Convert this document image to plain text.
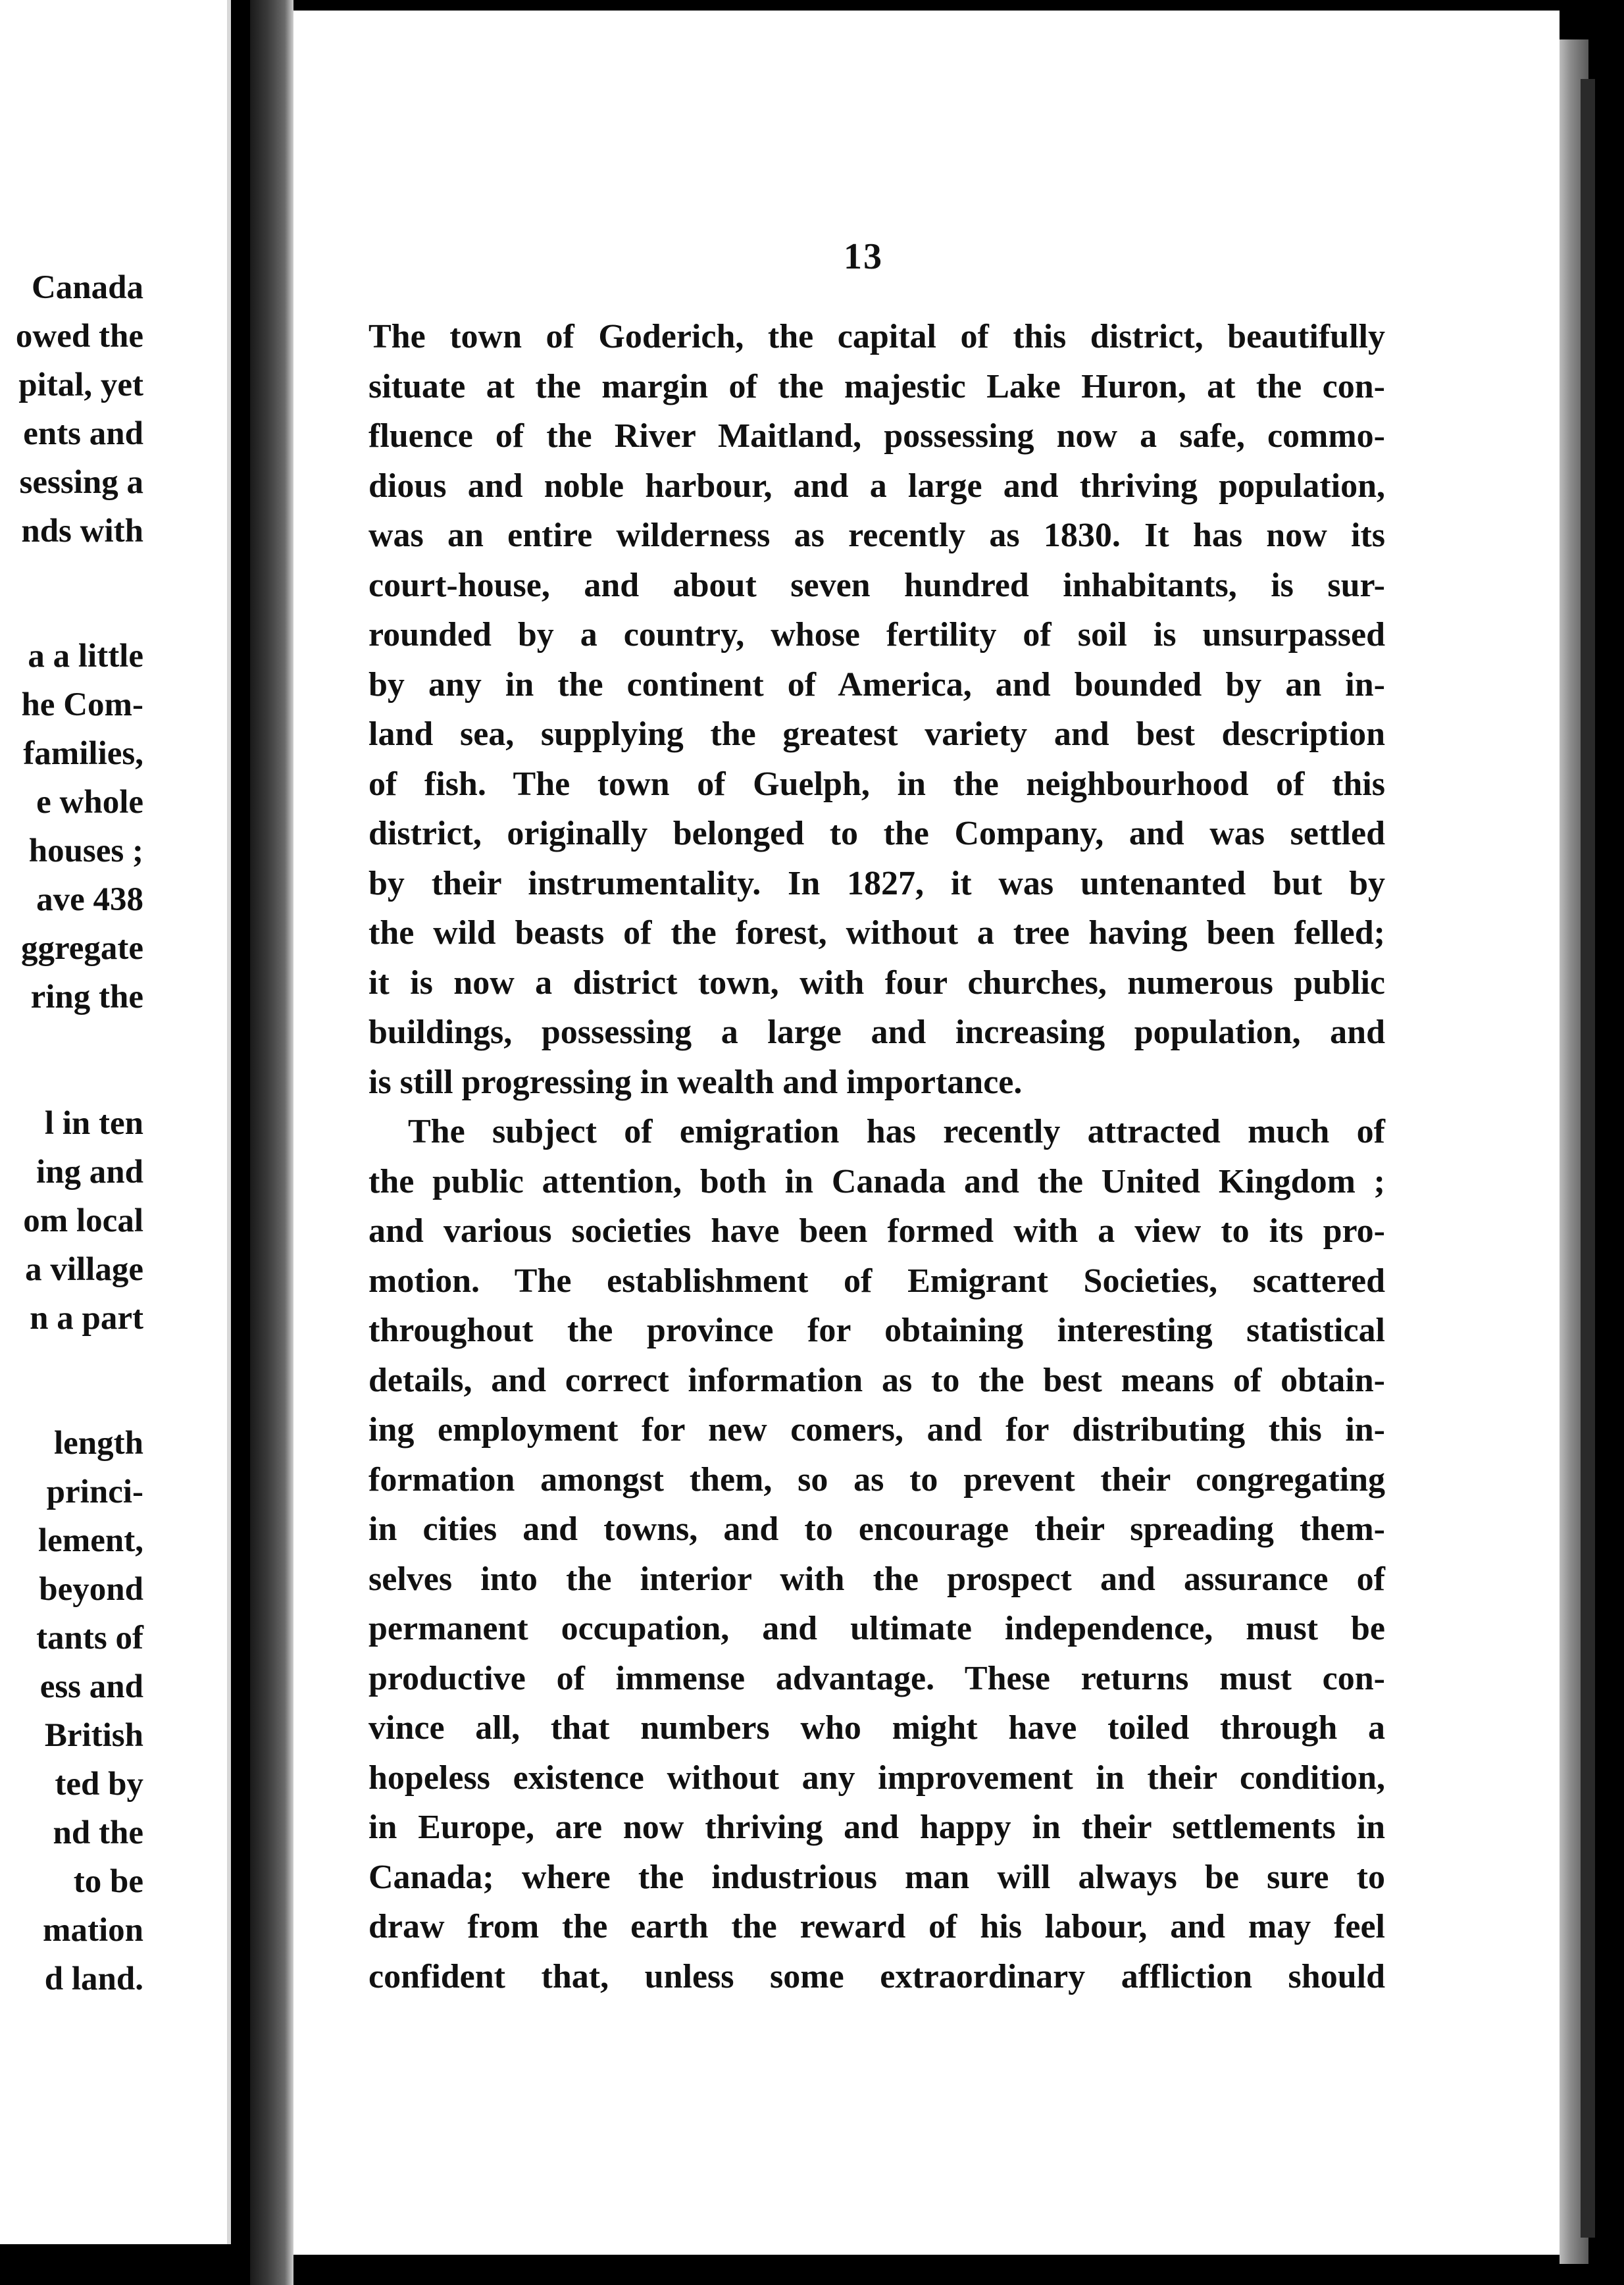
Canada
owed the
pital, yet
ents and
sessing a
nds with
a a little
he Com-
families,
e whole
houses ;
ave 438
ggregate
ring the
l in ten
ing and
om local
a village
n a part
length
princi-
lement,
beyond
tants of
ess and
British
ted by
nd the
to be
mation
d land.
13
The town of Goderich, the capital of this district, beautifully
situate at the margin of the majestic Lake Huron, at the con-
fluence of the River Maitland, possessing now a safe, commo-
dious and noble harbour, and a large and thriving population,
was an entire wilderness as recently as 1830. It has now its
court-house, and about seven hundred inhabitants, is sur-
rounded by a country, whose fertility of soil is unsurpassed
by any in the continent of America, and bounded by an in-
land sea, supplying the greatest variety and best description
of fish. The town of Guelph, in the neighbourhood of this
district, originally belonged to the Company, and was settled
by their instrumentality. In 1827, it was untenanted but by
the wild beasts of the forest, without a tree having been felled;
it is now a district town, with four churches, numerous public
buildings, possessing a large and increasing population, and
is still progressing in wealth and importance.
The subject of emigration has recently attracted much of
the public attention, both in Canada and the United Kingdom ;
and various societies have been formed with a view to its pro-
motion. The establishment of Emigrant Societies, scattered
throughout the province for obtaining interesting statistical
details, and correct information as to the best means of obtain-
ing employment for new comers, and for distributing this in-
formation amongst them, so as to prevent their congregating
in cities and towns, and to encourage their spreading them-
selves into the interior with the prospect and assurance of
permanent occupation, and ultimate independence, must be
productive of immense advantage. These returns must con-
vince all, that numbers who might have toiled through a
hopeless existence without any improvement in their condition,
in Europe, are now thriving and happy in their settlements in
Canada; where the industrious man will always be sure to
draw from the earth the reward of his labour, and may feel
confident that, unless some extraordinary affliction should
